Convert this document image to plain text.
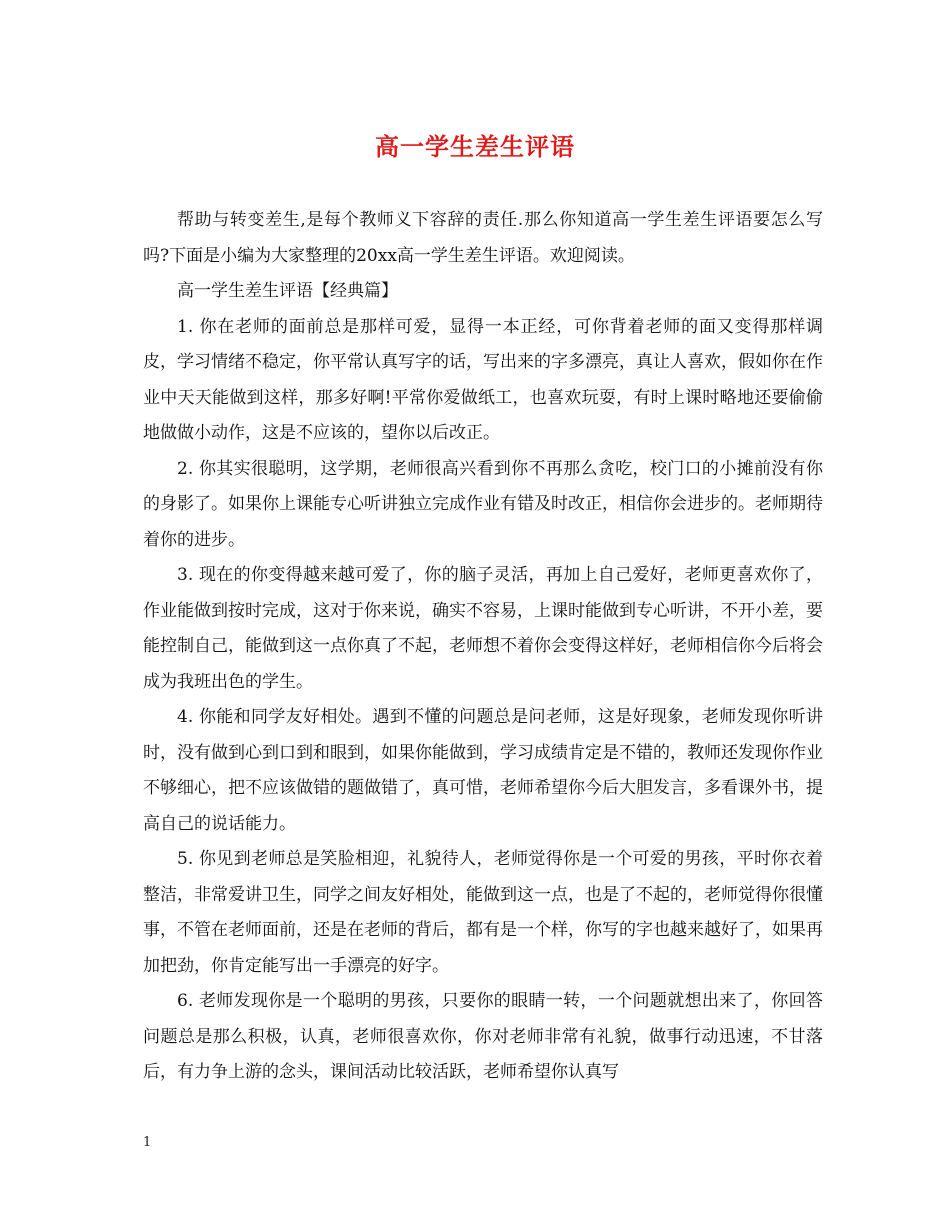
高一学生差生评语

帮助与转变差生,是每个教师义下容辞的责任.那么你知道高一学生差生评语要怎么写吗?下面是小编为大家整理的20xx高一学生差生评语。欢迎阅读。

高一学生差生评语【经典篇】

1. 你在老师的面前总是那样可爱，显得一本正经，可你背着老师的面又变得那样调皮，学习情绪不稳定，你平常认真写字的话，写出来的字多漂亮，真让人喜欢，假如你在作业中天天能做到这样，那多好啊!平常你爱做纸工，也喜欢玩耍，有时上课时略地还要偷偷地做做小动作，这是不应该的，望你以后改正。

2. 你其实很聪明，这学期，老师很高兴看到你不再那么贪吃，校门口的小摊前没有你的身影了。如果你上课能专心听讲独立完成作业有错及时改正，相信你会进步的。老师期待着你的进步。

3. 现在的你变得越来越可爱了，你的脑子灵活，再加上自己爱好，老师更喜欢你了，作业能做到按时完成，这对于你来说，确实不容易，上课时能做到专心听讲，不开小差，要能控制自己，能做到这一点你真了不起，老师想不着你会变得这样好，老师相信你今后将会成为我班出色的学生。

4. 你能和同学友好相处。遇到不懂的问题总是问老师，这是好现象，老师发现你听讲时，没有做到心到口到和眼到，如果你能做到，学习成绩肯定是不错的，教师还发现你作业不够细心，把不应该做错的题做错了，真可惜，老师希望你今后大胆发言，多看课外书，提高自己的说话能力。

5. 你见到老师总是笑脸相迎，礼貌待人，老师觉得你是一个可爱的男孩，平时你衣着整洁，非常爱讲卫生，同学之间友好相处，能做到这一点，也是了不起的，老师觉得你很懂事，不管在老师面前，还是在老师的背后，都有是一个样，你写的字也越来越好了，如果再加把劲，你肯定能写出一手漂亮的好字。

6. 老师发现你是一个聪明的男孩，只要你的眼睛一转，一个问题就想出来了，你回答问题总是那么积极，认真，老师很喜欢你，你对老师非常有礼貌，做事行动迅速，不甘落后，有力争上游的念头，课间活动比较活跃，老师希望你认真写

1
